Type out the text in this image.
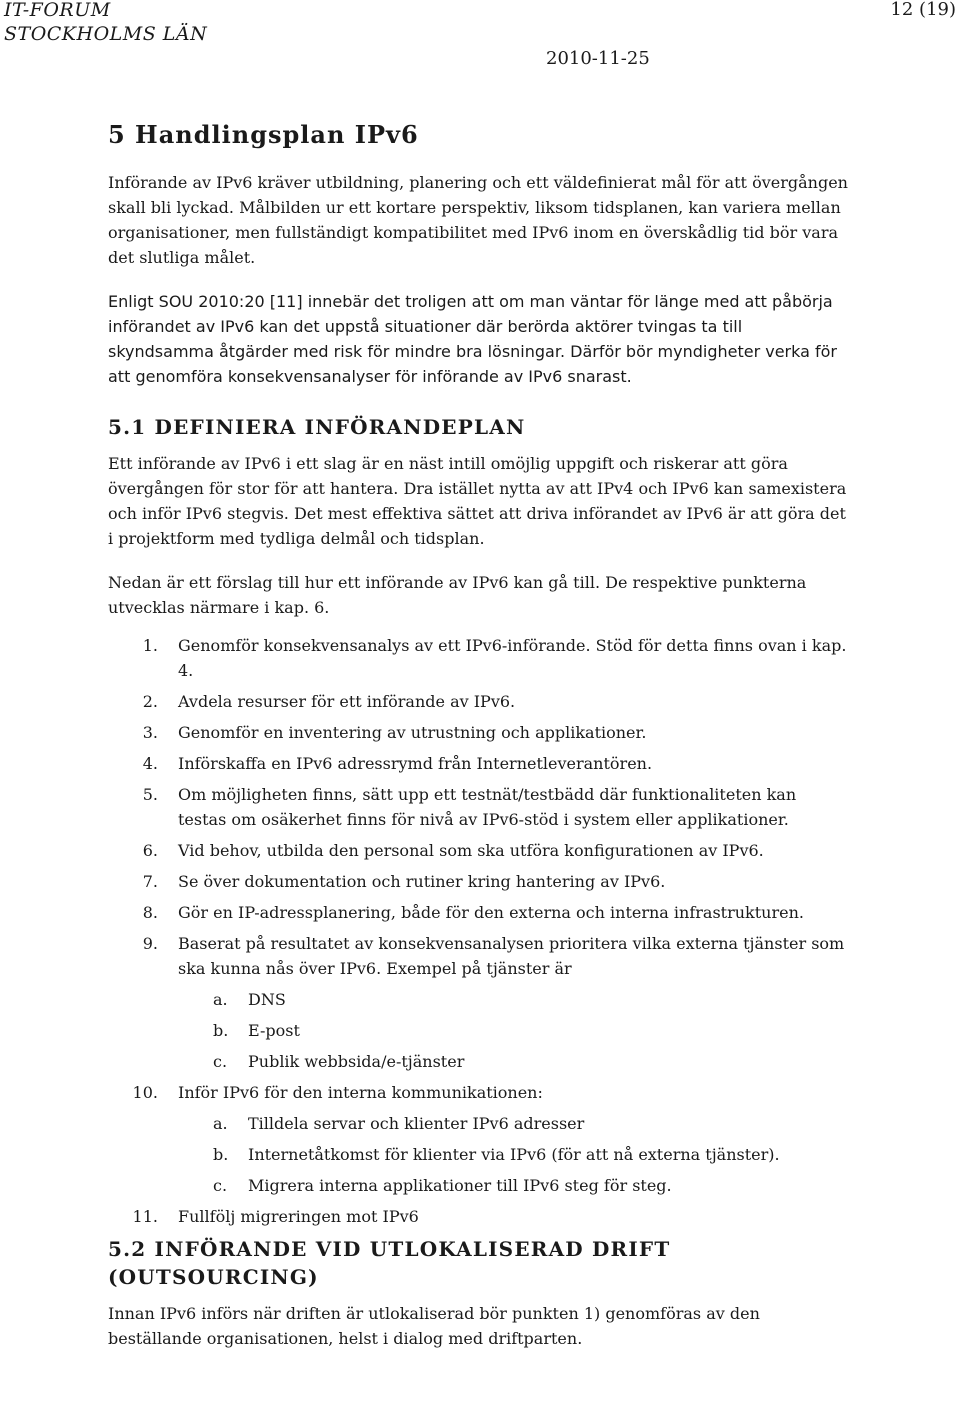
IT-FORUM
STOCKHOLMS LÄN
2010-11-25
12 (19)
5 Handlingsplan IPv6

Införande av IPv6 kräver utbildning, planering och ett väldefinierat mål för att övergången skall bli lyckad. Målbilden ur ett kortare perspektiv, liksom tidsplanen, kan variera mellan organisationer, men fullständigt kompatibilitet med IPv6 inom en överskådlig tid bör vara det slutliga målet.

Enligt SOU 2010:20 [11] innebär det troligen att om man väntar för länge med att påbörja införandet av IPv6 kan det uppstå situationer där berörda aktörer tvingas ta till skyndsamma åtgärder med risk för mindre bra lösningar. Därför bör myndigheter verka för att genomföra konsekvensanalyser för införande av IPv6 snarast.

5.1 DEFINIERA INFÖRANDEPLAN

Ett införande av IPv6 i ett slag är en näst intill omöjlig uppgift och riskerar att göra övergången för stor för att hantera. Dra istället nytta av att IPv4 och IPv6 kan samexistera och inför IPv6 stegvis. Det mest effektiva sättet att driva införandet av IPv6 är att göra det i projektform med tydliga delmål och tidsplan.

Nedan är ett förslag till hur ett införande av IPv6 kan gå till. De respektive punkterna utvecklas närmare i kap. 6.

1. Genomför konsekvensanalys av ett IPv6-införande. Stöd för detta finns ovan i kap. 4.
2. Avdela resurser för ett införande av IPv6.
3. Genomför en inventering av utrustning och applikationer.
4. Införskaffa en IPv6 adressrymd från Internetleverantören.
5. Om möjligheten finns, sätt upp ett testnät/testbädd där funktionaliteten kan testas om osäkerhet finns för nivå av IPv6-stöd i system eller applikationer.
6. Vid behov, utbilda den personal som ska utföra konfigurationen av IPv6.
7. Se över dokumentation och rutiner kring hantering av IPv6.
8. Gör en IP-adressplanering, både för den externa och interna infrastrukturen.
9. Baserat på resultatet av konsekvensanalysen prioritera vilka externa tjänster som ska kunna nås över IPv6. Exempel på tjänster är
a. DNS
b. E-post
c. Publik webbsida/e-tjänster
10. Inför IPv6 för den interna kommunikationen:
a. Tilldela servar och klienter IPv6 adresser
b. Internetåtkomst för klienter via IPv6 (för att nå externa tjänster).
c. Migrera interna applikationer till IPv6 steg för steg.
11. Fullfölj migreringen mot IPv6
5.2 INFÖRANDE VID UTLOKALISERAD DRIFT (OUTSOURCING)

Innan IPv6 införs när driften är utlokaliserad bör punkten 1) genomföras av den beställande organisationen, helst i dialog med driftparten.
